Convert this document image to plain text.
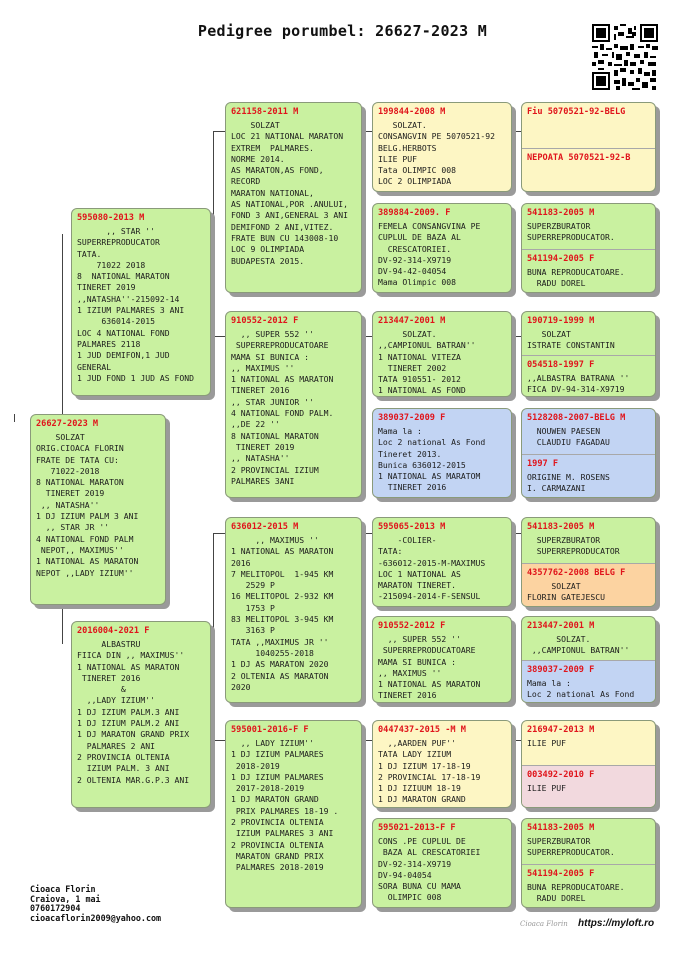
Pedigree porumbel: 26627-2023 M
26627-2023 M
SOLZAT
ORIG.CIOACA FLORIN
FRATE DE TATA CU:
71022-2018
8 NATIONAL MARATON
TINERET 2019
,, NATASHA''
1 DJ IZIUM PALM 3 ANI
,, STAR JR ''
4 NATIONAL FOND PALM
NEPOT,, MAXIMUS''
1 NATIONAL AS MARATON
NEPOT ,,LADY IZIUM''
595080-2013 M
,, STAR ''
SUPERREPRODUCATOR
TATA.
71022 2018
8  NATIONAL MARATON
TINERET 2019
,,NATASHA''-215092-14
1 IZIUM PALMARES 3 ANI
636014-2015
LOC 4 NATIONAL FOND
PALMARES 2118
1 JUD DEMIFON,1 JUD
GENERAL
1 JUD FOND 1 JUD AS FOND
2016004-2021 F
ALBASTRU
FIICA DIN ,, MAXIMUS''
1 NATIONAL AS MARATON
TINERET 2016
&
,,LADY IZIUM''
1 DJ IZIUM PALM.3 ANI
1 DJ IZIUM PALM.2 ANI
1 DJ MARATON GRAND PRIX
PALMARES 2 ANI
2 PROVINCIA OLTENIA
IZIUM PALM. 3 ANI
2 OLTENIA MAR.G.P.3 ANI
621158-2011 M
SOLZAT
LOC 21 NATIONAL MARATON
EXTREM  PALMARES.
NORME 2014.
AS MARATON,AS FOND,
RECORD
MARATON NATIONAL,
AS NATIONAL,POR .ANULUI,
FOND 3 ANI,GENERAL 3 ANI
DEMIFOND 2 ANI,VITEZ.
FRATE BUN CU 143008-10
LOC 9 OLIMPIADA
BUDAPESTA 2015.
910552-2012 F
,, SUPER 552 ''
SUPERREPRODUCATOARE
MAMA SI BUNICA :
,, MAXIMUS ''
1 NATIONAL AS MARATON
TINERET 2016
,, STAR JUNIOR ''
4 NATIONAL FOND PALM.
,,DE 22 ''
8 NATIONAL MARATON
TINERET 2019
,, NATASHA''
2 PROVINCIAL IZIUM
PALMARES 3ANI
636012-2015 M
,, MAXIMUS ''
1 NATIONAL AS MARATON
2016
7 MELITOPOL  1-945 KM
2529 P
16 MELITOPOL 2-932 KM
1753 P
83 MELITOPOL 3-945 KM
3163 P
TATA ,,MAXIMUS JR ''
1040255-2018
1 DJ AS MARATON 2020
2 OLTENIA AS MARATON
2020
595001-2016-F F
,, LADY IZIUM''
1 DJ IZIUM PALMARES
2018-2019
1 DJ IZIUM PALMARES
2017-2018-2019
1 DJ MARATON GRAND
PRIX PALMARES 18-19 .
2 PROVINCIA OLTENIA
IZIUM PALMARES 3 ANI
2 PROVINCIA OLTENIA
MARATON GRAND PRIX
PALMARES 2018-2019
199844-2008 M
SOLZAT.
CONSANGVIN PE 5070521-92
BELG.HERBOTS
ILIE PUF
Tata OLIMPIC 008
LOC 2 OLIMPIADA
389884-2009. F
FEMELA CONSANGVINA PE
CUPLUL DE BAZA AL
CRESCATORIEI.
DV-92-314-X9719
DV-94-42-04054
Mama Olimpic 008
213447-2001 M
SOLZAT.
,,CAMPIONUL BATRAN''
1 NATIONAL VITEZA
TINERET 2002
TATA 910551- 2012
1 NATIONAL AS FOND
389037-2009 F
Mama la :
Loc 2 national As Fond
Tineret 2013.
Bunica 636012-2015
1 NATIONAL AS MARATOM
TINERET 2016
595065-2013 M
-COLIER-
TATA:
-636012-2015-M-MAXIMUS
LOC 1 NATIONAL AS
MARATON TINERET.
-215094-2014-F-SENSUL
910552-2012 F
,, SUPER 552 ''
SUPERREPRODUCATOARE
MAMA SI BUNICA :
,, MAXIMUS ''
1 NATIONAL AS MARATON
TINERET 2016
0447437-2015 -M M
,,AARDEN PUF''
TATA LADY IZIUM
1 DJ IZIUM 17-18-19
2 PROVINCIAL 17-18-19
1 DJ IZIUUM 18-19
1 DJ MARATON GRAND
595021-2013-F F
CONS .PE CUPLUL DE
BAZA AL CRESCATORIEI
DV-92-314-X9719
DV-94-04054
SORA BUNA CU MAMA
OLIMPIC 008
Fiu 5070521-92-BELG
NEPOATA 5070521-92-B
541183-2005 M
SUPERZBURATOR
SUPERREPRODUCATOR.
541194-2005 F
BUNA REPRODUCATOARE.
RADU DOREL
190719-1999 M
SOLZAT
ISTRATE CONSTANTIN
054518-1997 F
,,ALBASTRA BATRANA ''
FICA DV-94-314-X9719
5128208-2007-BELG M
NOUWEN PAESEN
CLAUDIU FAGADAU
1997 F
ORIGINE M. ROSENS
I. CARMAZANI
541183-2005 M
SUPERZBURATOR
SUPERREPRODUCATOR
4357762-2008 BELG F
SOLZAT
FLORIN GATEJESCU
213447-2001 M
SOLZAT.
,,CAMPIONUL BATRAN''
389037-2009 F
Mama la :
Loc 2 national As Fond
216947-2013 M
ILIE PUF
003492-2010 F
ILIE PUF
541183-2005 M
SUPERZBURATOR
SUPERREPRODUCATOR.
541194-2005 F
BUNA REPRODUCATOARE.
RADU DOREL
Cioaca Florin
Craiova, 1 mai
0760172904
cioacaflorin2009@yahoo.com
Cioaca Florin https://myloft.ro
